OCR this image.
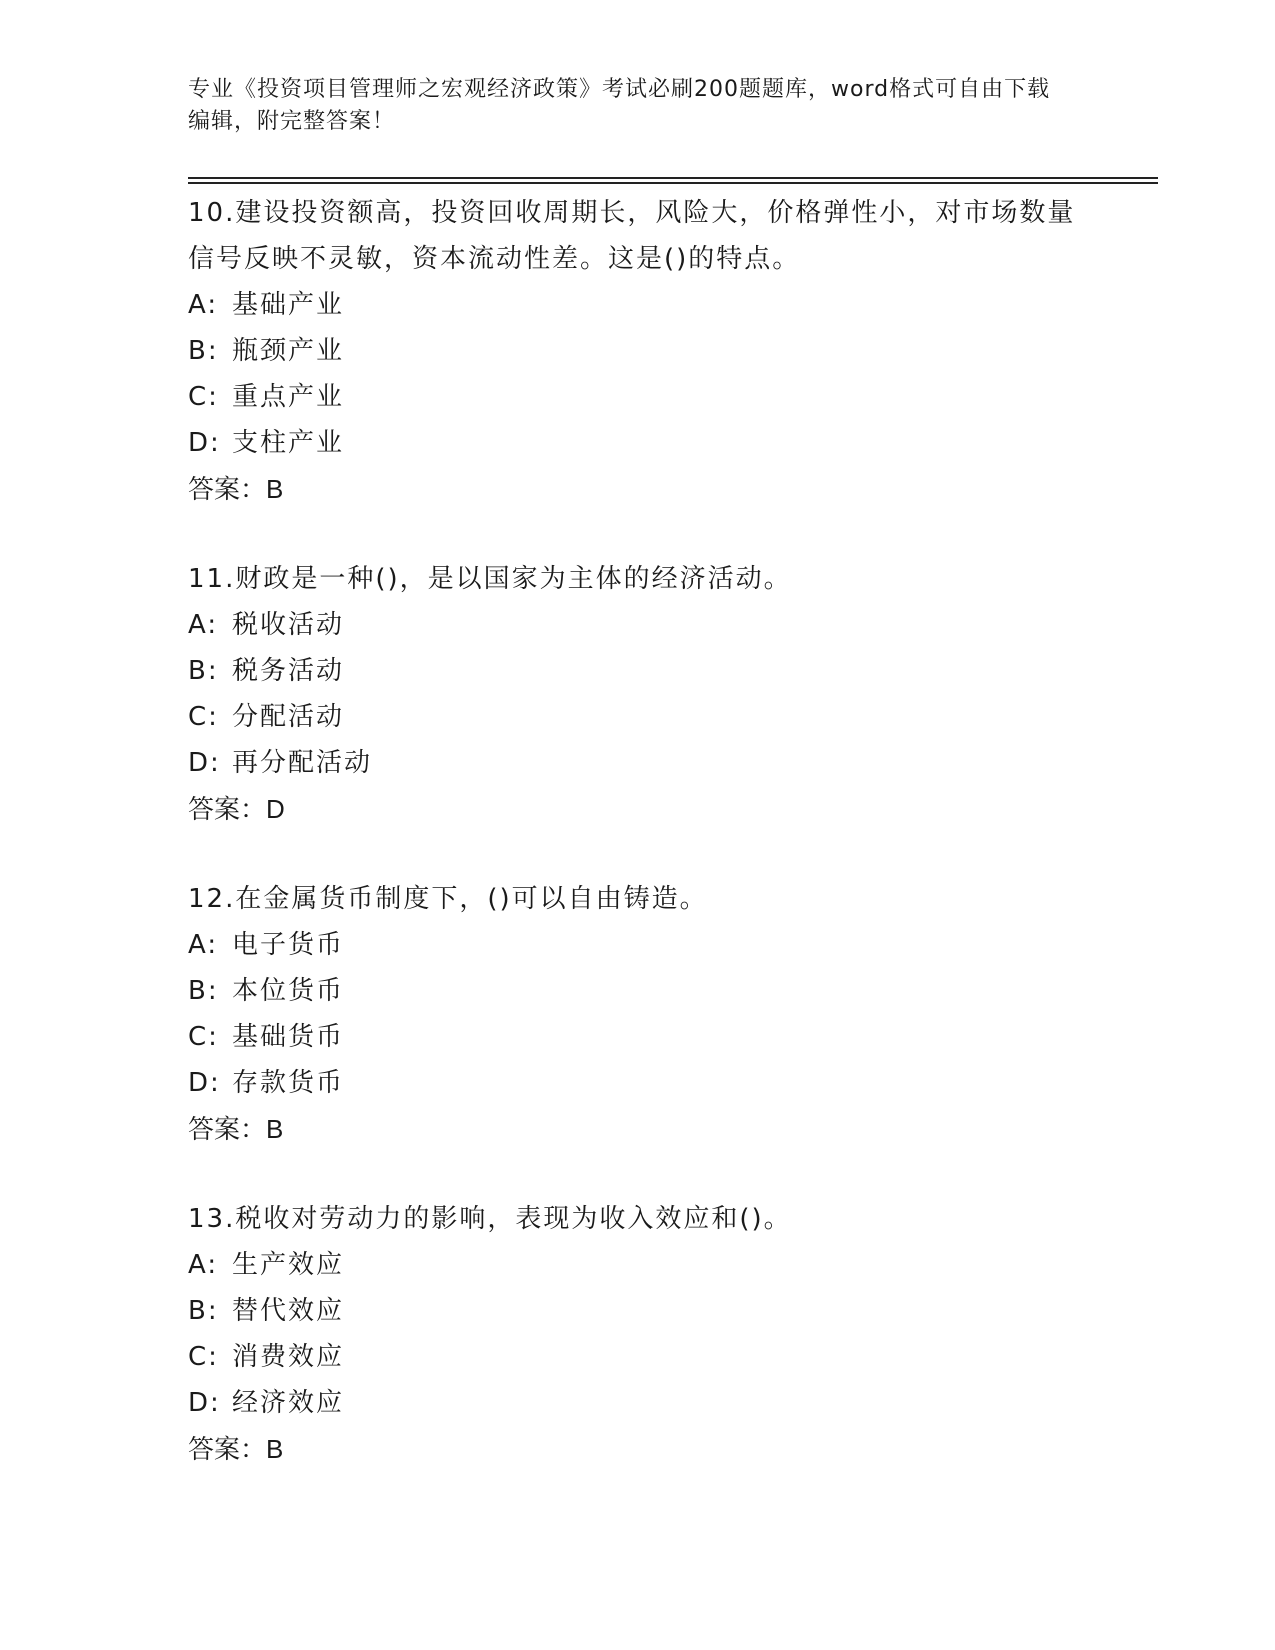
专业《投资项目管理师之宏观经济政策》考试必刷200题题库，word格式可自由下载编辑，附完整答案！
10.建设投资额高，投资回收周期长，风险大，价格弹性小，对市场数量信号反映不灵敏，资本流动性差。这是()的特点。
A: 基础产业
B: 瓶颈产业
C: 重点产业
D: 支柱产业
答案：B
11.财政是一种()，是以国家为主体的经济活动。
A: 税收活动
B: 税务活动
C: 分配活动
D: 再分配活动
答案：D
12.在金属货币制度下，()可以自由铸造。
A: 电子货币
B: 本位货币
C: 基础货币
D: 存款货币
答案：B
13.税收对劳动力的影响，表现为收入效应和()。
A: 生产效应
B: 替代效应
C: 消费效应
D: 经济效应
答案：B
